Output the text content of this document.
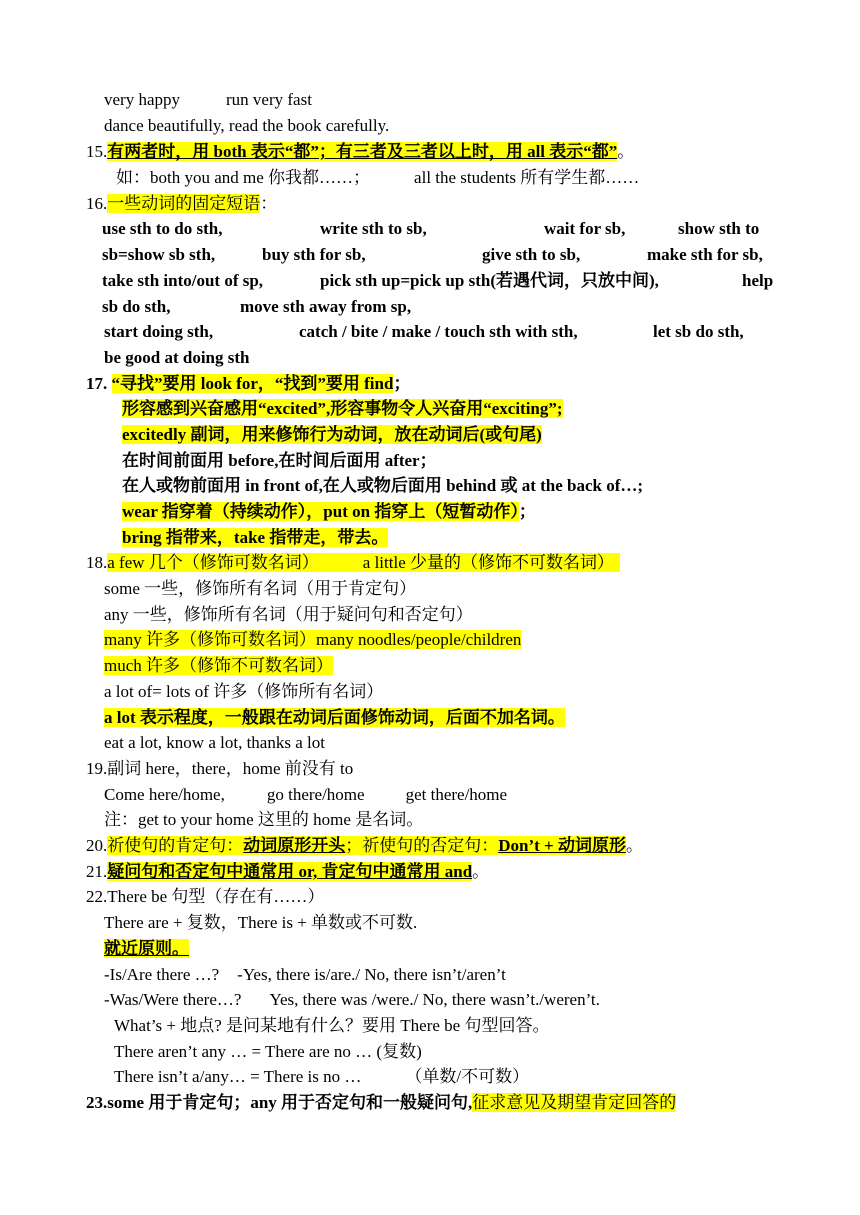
very happy	run very fast
dance beautifully, read the book carefully.
15.有两者时，用 both 表示“都”；有三者及三者以上时，用 all 表示“都”。
如：both you and me 你我都……；	all the students 所有学生都……
16.一些动词的固定短语：
use sth to do sth,	write sth to sb,	wait for sb,	show sth to
sb=show sb sth,	buy sth for sb,	give sth to sb,	make sth for sb,
take sth into/out of sp,	pick sth up=pick up sth(若遇代词，只放中间),	help
sb do sth,	move sth away from sp,
start doing sth,	catch / bite / make / touch sth with sth,	let sb do sth,
be good at doing sth
17. “寻找”要用 look for，“找到”要用 find；
形容感到兴奋感用“excited”,形容事物令人兴奋用“exciting”;
excitedly 副词，用来修饰行为动词，放在动词后(或句尾)
在时间前面用 before,在时间后面用 after；
在人或物前面用 in front of,在人或物后面用 behind 或 at the back of…;
wear 指穿着（持续动作），put on 指穿上（短暂动作）；
bring 指带来，take 指带走，带去。
18.a few 几个（修饰可数名词）	a little 少量的（修饰不可数名词）
some 一些，修饰所有名词（用于肯定句）
any 一些，修饰所有名词（用于疑问句和否定句）
many 许多（修饰可数名词）many noodles/people/children
much 许多（修饰不可数名词）
a lot of= lots of 许多（修饰所有名词）
a lot 表示程度，一般跟在动词后面修饰动词，后面不加名词。
eat a lot, know a lot, thanks a lot
19.副词 here，there，home 前没有 to
Come here/home, go there/home get there/home
注：get to your home 这里的 home 是名词。
20.祈使句的肯定句：动词原形开头；祈使句的否定句：Don’t + 动词原形。
21.疑问句和否定句中通常用 or, 肯定句中通常用 and。
22.There be 句型（存在有……）
There are + 复数，There is + 单数或不可数.
就近原则。
-Is/Are there …? -Yes, there is/are./ No, there isn’t/aren’t
-Was/Were there…? Yes, there was /were./ No, there wasn’t./weren’t.
What’s + 地点? 是问某地有什么？要用 There be 句型回答。
There aren’t any … = There are no … (复数)
There isn’t a/any… = There is no …	（单数/不可数）
23.some 用于肯定句；any 用于否定句和一般疑问句,征求意见及期望肯定回答的
